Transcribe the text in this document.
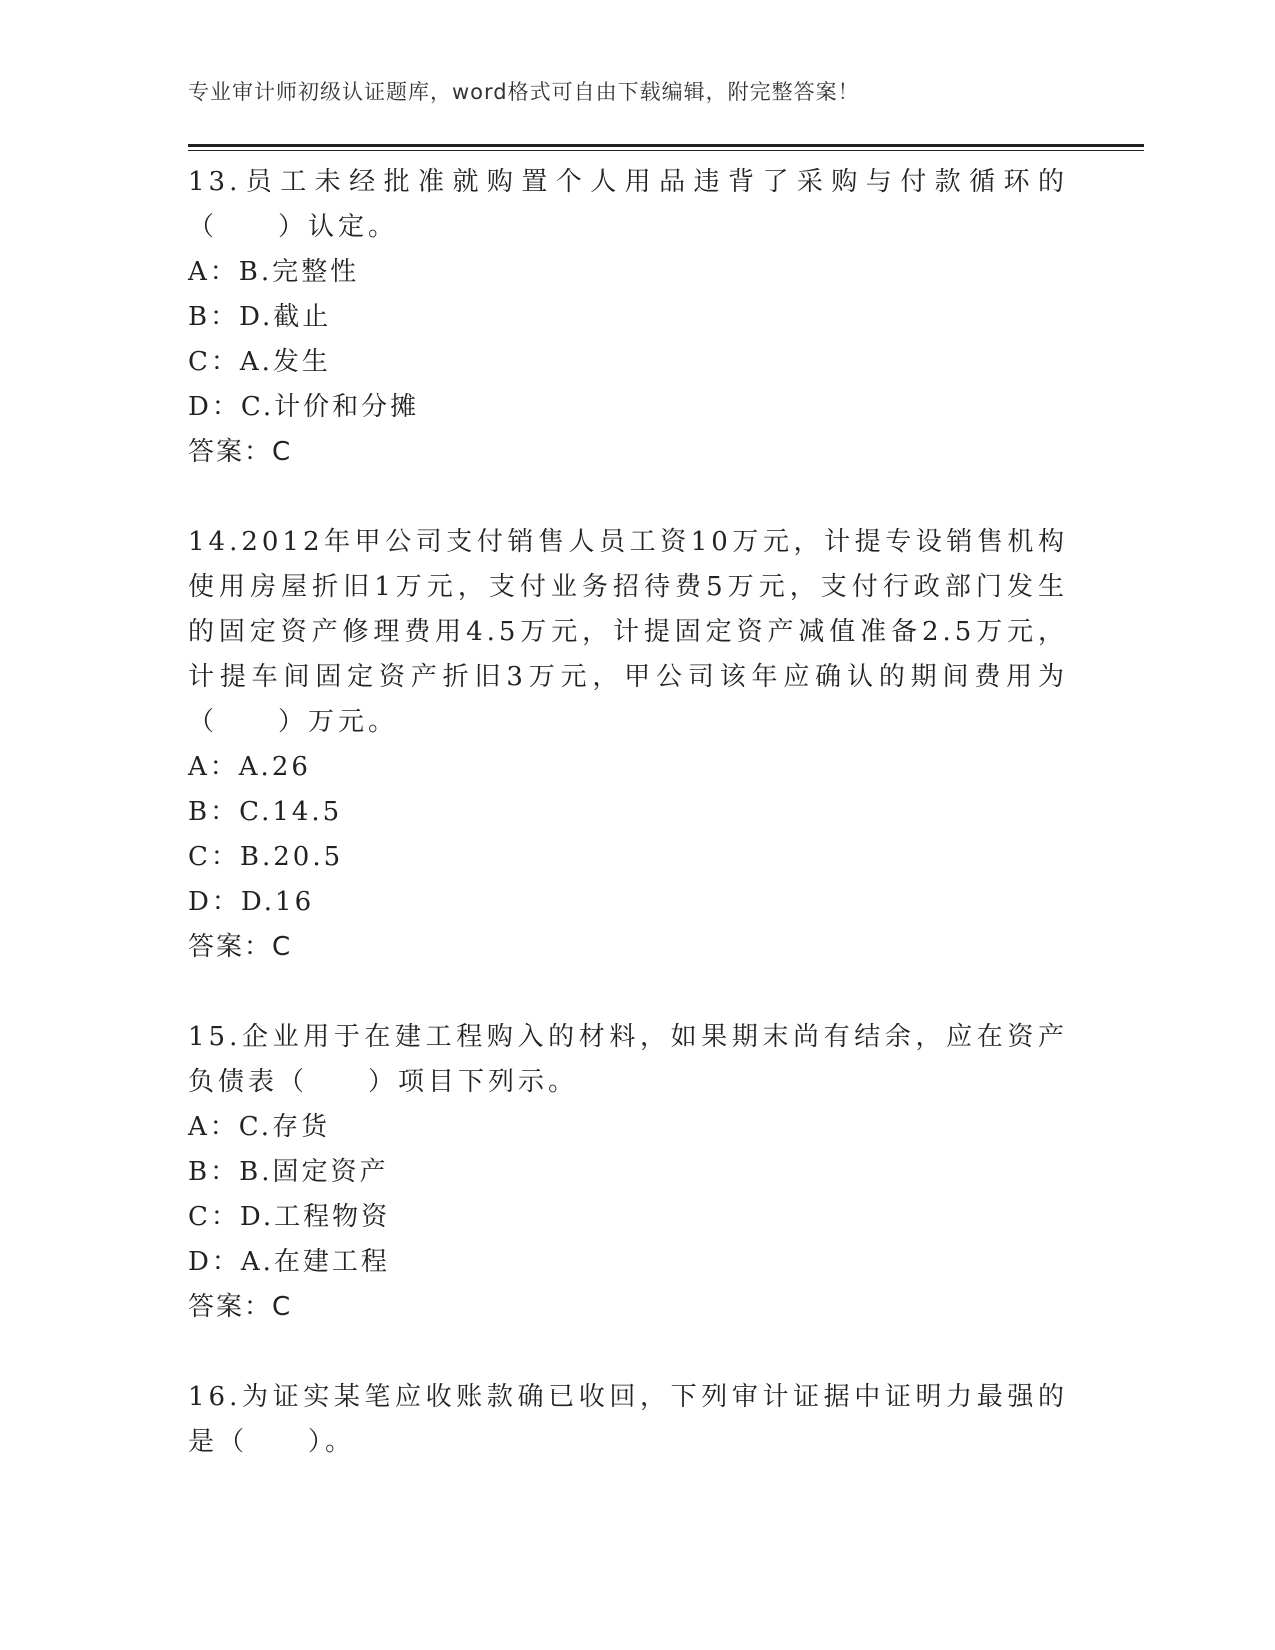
专业审计师初级认证题库，word格式可自由下载编辑，附完整答案！
13.员工未经批准就购置个人用品违背了采购与付款循环的（　　）认定。
A：B.完整性
B：D.截止
C：A.发生
D：C.计价和分摊
答案：C
14.2012年甲公司支付销售人员工资10万元，计提专设销售机构使用房屋折旧1万元，支付业务招待费5万元，支付行政部门发生的固定资产修理费用4.5万元，计提固定资产减值准备2.5万元，计提车间固定资产折旧3万元，甲公司该年应确认的期间费用为（　　）万元。
A：A.26
B：C.14.5
C：B.20.5
D：D.16
答案：C
15.企业用于在建工程购入的材料，如果期末尚有结余，应在资产负债表（　　）项目下列示。
A：C.存货
B：B.固定资产
C：D.工程物资
D：A.在建工程
答案：C
16.为证实某笔应收账款确已收回，下列审计证据中证明力最强的是（　　）。
